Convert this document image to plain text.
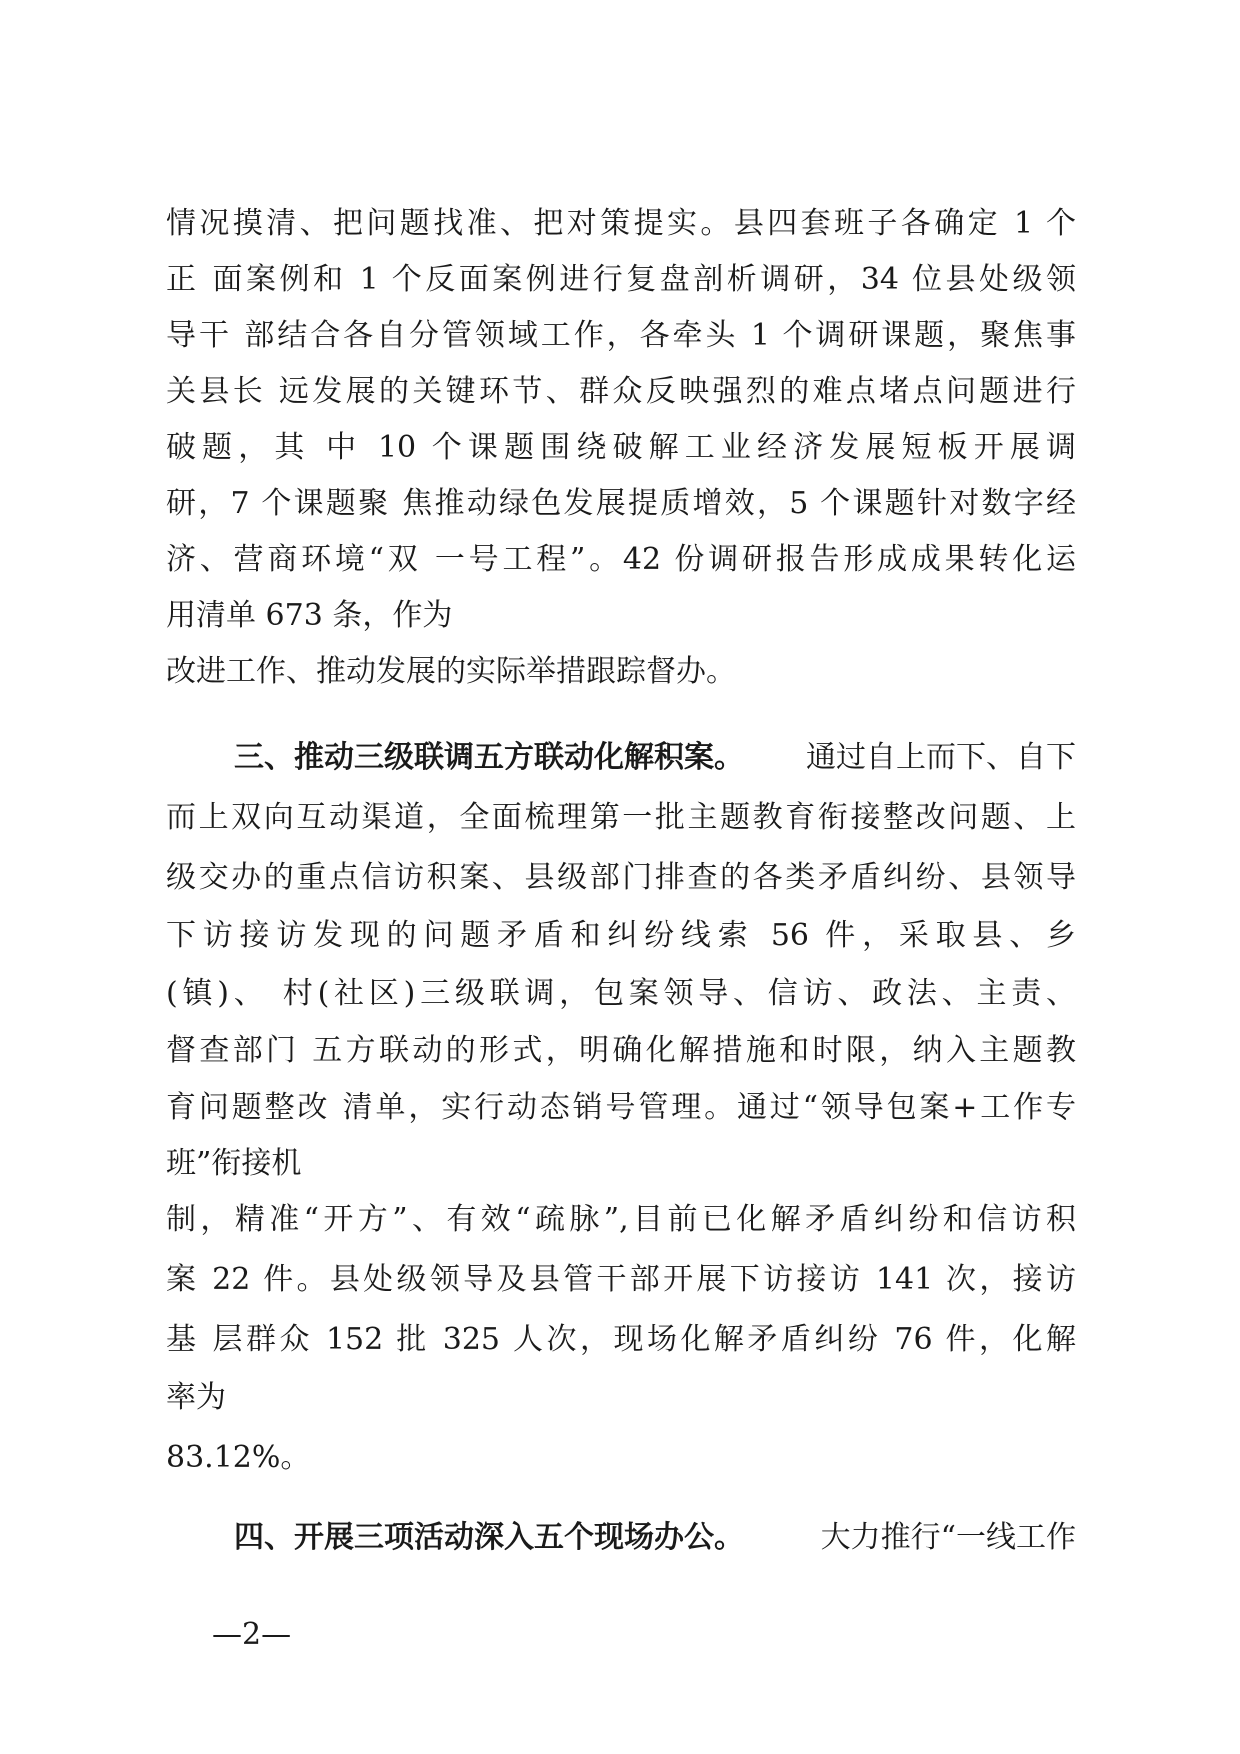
情况摸清、把问题找准、把对策提实。县四套班子各确定 1 个
正 面案例和 1 个反面案例进行复盘剖析调研，34 位县处级领
导干 部结合各自分管领域工作，各牵头 1 个调研课题，聚焦事
关县长 远发展的关键环节、群众反映强烈的难点堵点问题进行
破题，其 中 10 个课题围绕破解工业经济发展短板开展调
研，7 个课题聚 焦推动绿色发展提质增效，5 个课题针对数字经
济、营商环境“双 一号工程”。42 份调研报告形成成果转化运
用清单 673 条，作为
改进工作、推动发展的实际举措跟踪督办。
三、推动三级联调五方联动化解积案。 通过自上而下、自下
而上双向互动渠道，全面梳理第一批主题教育衔接整改问题、上
级交办的重点信访积案、县级部门排查的各类矛盾纠纷、县领导
下访接访发现的问题矛盾和纠纷线索 56 件，采取县、乡
(镇)、 村(社区)三级联调，包案领导、信访、政法、主责、
督查部门 五方联动的形式，明确化解措施和时限，纳入主题教
育问题整改 清单，实行动态销号管理。通过“领导包案+工作专
班”衔接机
制，精准“开方”、有效“疏脉”,目前已化解矛盾纠纷和信访积
案 22 件。县处级领导及县管干部开展下访接访 141 次，接访
基 层群众 152 批 325 人次，现场化解矛盾纠纷 76 件，化解
率为
83.12%。
四、开展三项活动深入五个现场办公。	大力推行“一线工作
—2—
